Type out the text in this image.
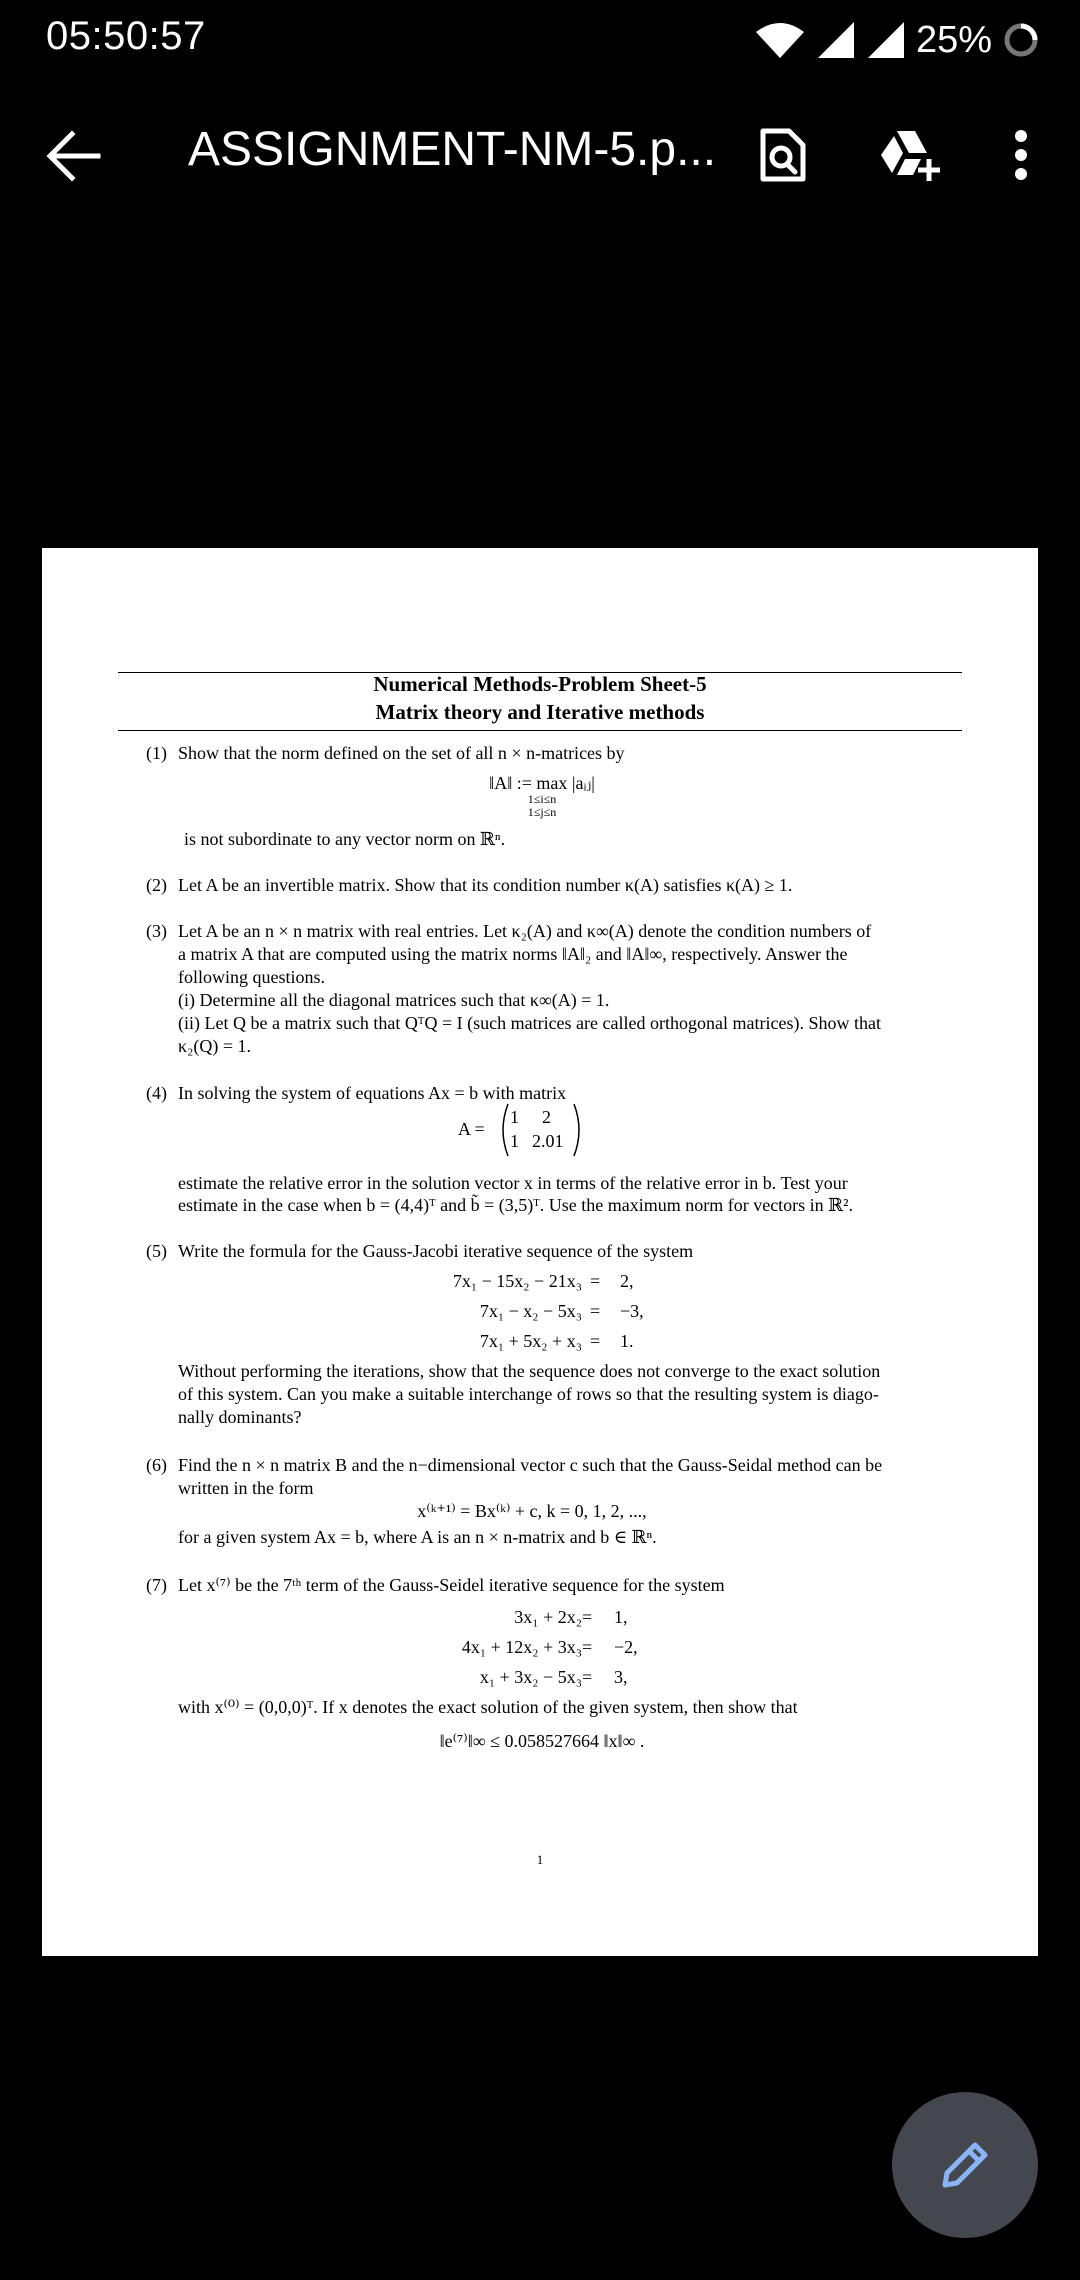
05:50:57	25%
ASSIGNMENT-NM-5.p...
Numerical Methods-Problem Sheet-5
Matrix theory and Iterative methods
(1) Show that the norm defined on the set of all n × n-matrices by
‖A‖ := max |aᵢⱼ|
1≤i≤n
1≤j≤n
is not subordinate to any vector norm on ℝⁿ.
(2) Let A be an invertible matrix. Show that its condition number κ(A) satisfies κ(A) ≥ 1.
(3) Let A be an n × n matrix with real entries. Let κ₂(A) and κ∞(A) denote the condition numbers of
a matrix A that are computed using the matrix norms ‖A‖₂ and ‖A‖∞, respectively. Answer the
following questions.
(i) Determine all the diagonal matrices such that κ∞(A) = 1.
(ii) Let Q be a matrix such that QᵀQ = I (such matrices are called orthogonal matrices). Show that
κ₂(Q) = 1.
(4) In solving the system of equations Ax = b with matrix
A =
1 2
1 2.01
estimate the relative error in the solution vector x in terms of the relative error in b. Test your
estimate in the case when b = (4,4)ᵀ and b̃ = (3,5)ᵀ. Use the maximum norm for vectors in ℝ².
(5) Write the formula for the Gauss-Jacobi iterative sequence of the system
7x₁ − 15x₂ − 21x₃ = 2,
7x₁ − x₂ − 5x₃ = −3,
7x₁ + 5x₂ + x₃ = 1.
Without performing the iterations, show that the sequence does not converge to the exact solution
of this system. Can you make a suitable interchange of rows so that the resulting system is diago-
nally dominants?
(6) Find the n × n matrix B and the n−dimensional vector c such that the Gauss-Seidal method can be
written in the form
x⁽ᵏ⁺¹⁾ = Bx⁽ᵏ⁾ + c, k = 0, 1, 2, ...,
for a given system Ax = b, where A is an n × n-matrix and b ∈ ℝⁿ.
(7) Let x⁽⁷⁾ be the 7ᵗʰ term of the Gauss-Seidel iterative sequence for the system
3x₁ + 2x₂ = 1,
4x₁ + 12x₂ + 3x₃ = −2,
x₁ + 3x₂ − 5x₃ = 3,
with x⁽⁰⁾ = (0,0,0)ᵀ. If x denotes the exact solution of the given system, then show that
‖e⁽⁷⁾‖∞ ≤ 0.058527664 ‖x‖∞ .
1
